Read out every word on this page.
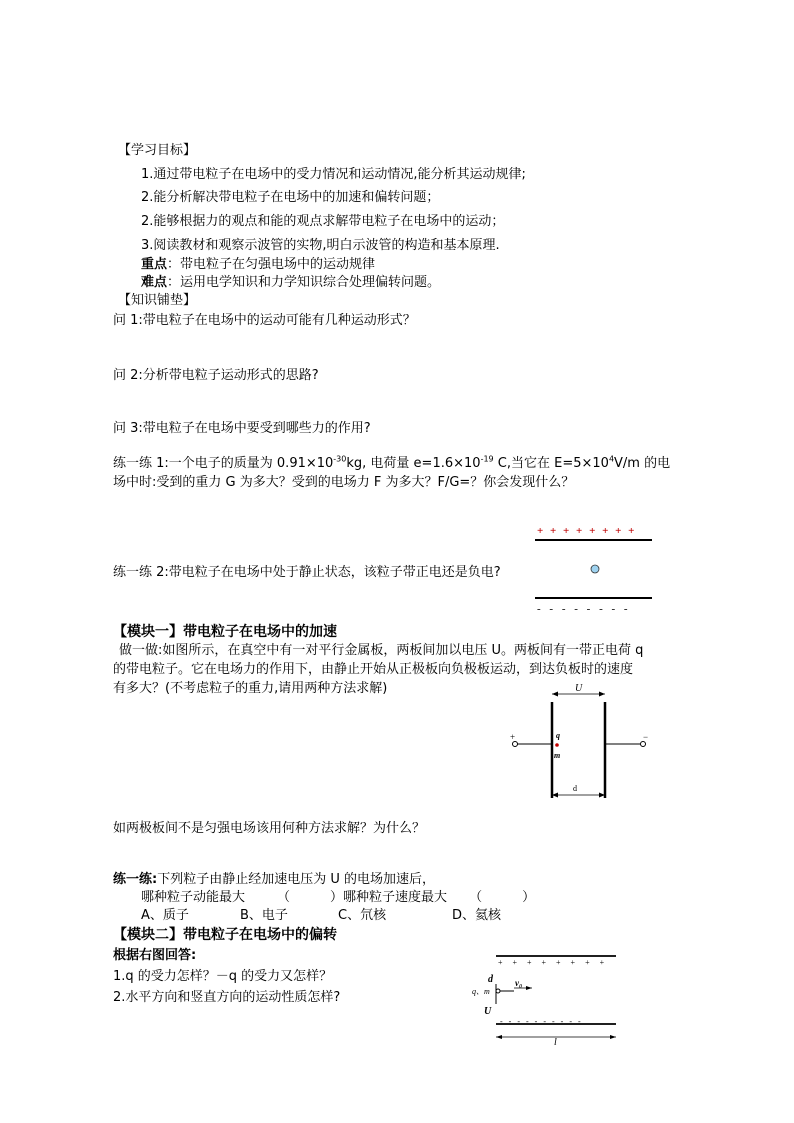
【学习目标】
1.通过带电粒子在电场中的受力情况和运动情况,能分析其运动规律;
2.能分析解决带电粒子在电场中的加速和偏转问题；
2.能够根据力的观点和能的观点求解带电粒子在电场中的运动；
3.阅读教材和观察示波管的实物,明白示波管的构造和基本原理.
重点：带电粒子在匀强电场中的运动规律
难点：运用电学知识和力学知识综合处理偏转问题。
【知识铺垫】
问 1:带电粒子在电场中的运动可能有几种运动形式？
问 2:分析带电粒子运动形式的思路?
问 3:带电粒子在电场中要受到哪些力的作用?
练一练 1:一个电子的质量为 $0.91\times 10^{-30}kg$, 电荷量 $e=1.6\times 10^{-19}$ C,当它在 $E=5\times 10^4V/m$ 的电
场中时:受到的重力 G 为多大？受到的电场力 F 为多大？F/G=？你会发现什么？
练一练 2:带电粒子在电场中处于静止状态，该粒子带正电还是负电?
+ + + + + + + +
- - - - - - - -
【模块一】带电粒子在电场中的加速
做一做:如图所示，在真空中有一对平行金属板，两板间加以电压 U。两板间有一带正电荷 q
的带电粒子。它在电场力的作用下，由静止开始从正极板向负极板运动，到达负板时的速度
有多大？(不考虑粒子的重力,请用两种方法求解)	U
+	−
q
m
d
如两极板间不是匀强电场该用何种方法求解？为什么？
练一练:下列粒子由静止经加速电压为 U 的电场加速后，
哪种粒子动能最大 （	）哪种粒子速度最大 （	）
A、质子	B、电子	C、氘核	D、氦核
【模块二】带电粒子在电场中的偏转
根据右图回答:
1.q 的受力怎样？－q 的受力又怎样？
2.水平方向和竖直方向的运动性质怎样?
+ + + + + + + +
d
q、m
v₀
U
- - - - - - - - - -
l
